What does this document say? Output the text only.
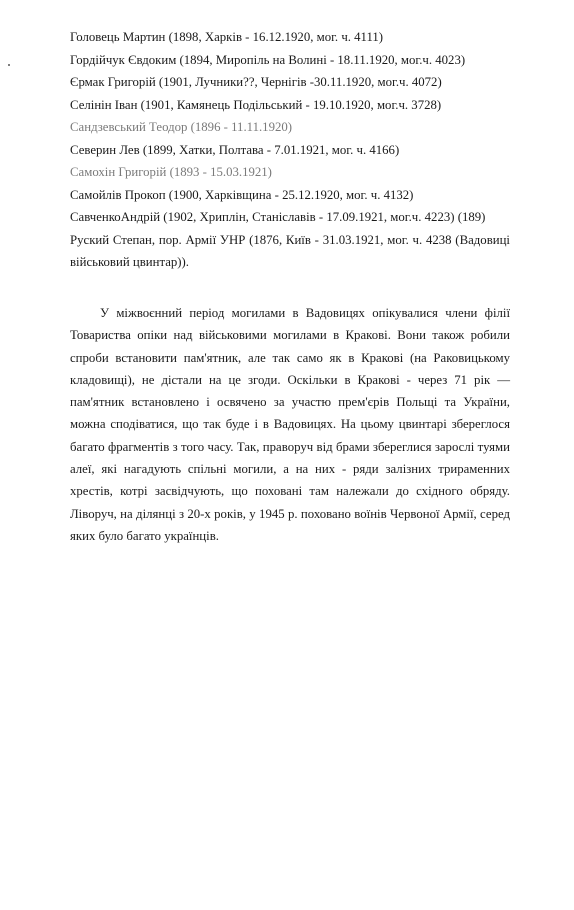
Головець Мартин (1898, Харків - 16.12.1920, мог. ч. 4111)
Гордійчук Євдоким (1894, Миропіль на Волині - 18.11.1920, мог.ч. 4023)
Єрмак Григорій (1901, Лучники??, Чернігів -30.11.1920, мог.ч. 4072)
Селінін Іван (1901, Камянець Подільський - 19.10.1920, мог.ч. 3728)
Сандзевський Теодор (1896 - 11.11.1920)
Северин Лев (1899, Хатки, Полтава - 7.01.1921, мог. ч. 4166)
Самохін Григорій (1893 - 15.03.1921)
Самойлів Прокоп (1900, Харківщина - 25.12.1920, мог. ч. 4132)
СавченкоАндрій (1902, Хриплін, Станіславів - 17.09.1921, мог.ч. 4223) (189)
Руский Степан, пор. Армії УНР (1876, Київ - 31.03.1921, мог. ч. 4238 (Вадовиці військовий цвинтар)).

У міжвоєнний період могилами в Вадовицях опікувалися члени філії Товариства опіки над військовими могилами в Кракові. Вони також робили спроби встановити пам'ятник, але так само як в Кракові (на Раковицькому кладовищі), не дістали на це згоди. Оскільки в Кракові - через 71 рік — пам'ятник встановлено і освячено за участю прем'єрів Польщі та України, можна сподіватися, що так буде і в Вадовицях. На цьому цвинтарі збереглося багато фрагментів з того часу. Так, праворуч від брами збереглися зарослі туями алеї, які нагадують спільні могили, а на них - ряди залізних трираменних хрестів, котрі засвідчують, що поховані там належали до східного обряду. Ліворуч, на ділянці з 20-х років, у 1945 р. поховано воїнів Червоної Армії, серед яких було багато українців.
